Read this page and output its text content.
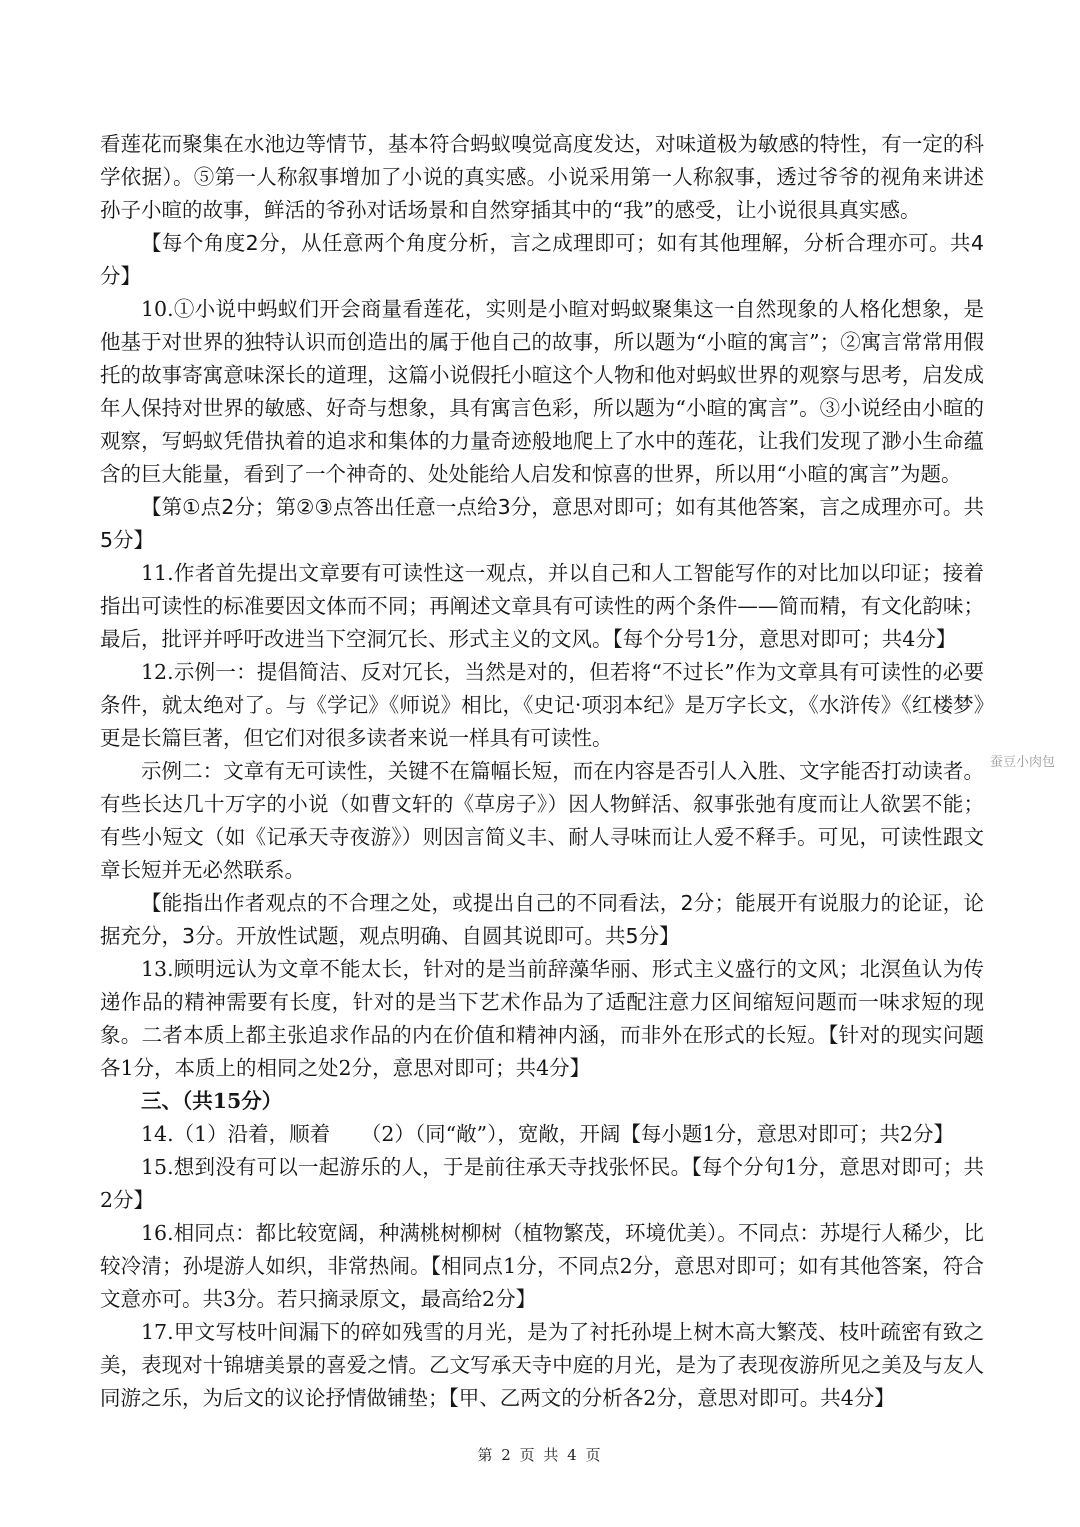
看莲花而聚集在水池边等情节，基本符合蚂蚁嗅觉高度发达，对味道极为敏感的特性，有一定的科学依据）。⑤第一人称叙事增加了小说的真实感。小说采用第一人称叙事，透过爷爷的视角来讲述孙子小暄的故事，鲜活的爷孙对话场景和自然穿插其中的“我”的感受，让小说很具真实感。

【每个角度2分，从任意两个角度分析，言之成理即可；如有其他理解，分析合理亦可。共4分】

10.①小说中蚂蚁们开会商量看莲花，实则是小暄对蚂蚁聚集这一自然现象的人格化想象，是他基于对世界的独特认识而创造出的属于他自己的故事，所以题为“小暄的寓言”；②寓言常常用假托的故事寄寓意味深长的道理，这篇小说假托小暄这个人物和他对蚂蚁世界的观察与思考，启发成年人保持对世界的敏感、好奇与想象，具有寓言色彩，所以题为“小暄的寓言”。③小说经由小暄的观察，写蚂蚁凭借执着的追求和集体的力量奇迹般地爬上了水中的莲花，让我们发现了渺小生命蕴含的巨大能量，看到了一个神奇的、处处能给人启发和惊喜的世界，所以用“小暄的寓言”为题。

【第①点2分；第②③点答出任意一点给3分，意思对即可；如有其他答案，言之成理亦可。共5分】

11.作者首先提出文章要有可读性这一观点，并以自己和人工智能写作的对比加以印证；接着指出可读性的标准要因文体而不同；再阐述文章具有可读性的两个条件——简而精，有文化韵味；最后，批评并呼吁改进当下空洞冗长、形式主义的文风。【每个分号1分，意思对即可；共4分】

12.示例一：提倡简洁、反对冗长，当然是对的，但若将“不过长”作为文章具有可读性的必要条件，就太绝对了。与《学记》《师说》相比，《史记·项羽本纪》是万字长文，《水浒传》《红楼梦》更是长篇巨著，但它们对很多读者来说一样具有可读性。

示例二：文章有无可读性，关键不在篇幅长短，而在内容是否引人入胜、文字能否打动读者。有些长达几十万字的小说（如曹文轩的《草房子》）因人物鲜活、叙事张弛有度而让人欲罢不能；有些小短文（如《记承天寺夜游》）则因言简义丰、耐人寻味而让人爱不释手。可见，可读性跟文章长短并无必然联系。

【能指出作者观点的不合理之处，或提出自己的不同看法，2分；能展开有说服力的论证，论据充分，3分。开放性试题，观点明确、自圆其说即可。共5分】

13.顾明远认为文章不能太长，针对的是当前辞藻华丽、形式主义盛行的文风；北溟鱼认为传递作品的精神需要有长度，针对的是当下艺术作品为了适配注意力区间缩短问题而一味求短的现象。二者本质上都主张追求作品的内在价值和精神内涵，而非外在形式的长短。【针对的现实问题各1分，本质上的相同之处2分，意思对即可；共4分】

三、（共15分）

14.（1）沿着，顺着　　（2）（同“敞”），宽敞，开阔【每小题1分，意思对即可；共2分】

15.想到没有可以一起游乐的人，于是前往承天寺找张怀民。【每个分句1分，意思对即可；共2分】

16.相同点：都比较宽阔，种满桃树柳树（植物繁茂，环境优美）。不同点：苏堤行人稀少，比较冷清；孙堤游人如织，非常热闹。【相同点1分，不同点2分，意思对即可；如有其他答案，符合文意亦可。共3分。若只摘录原文，最高给2分】

17.甲文写枝叶间漏下的碎如残雪的月光，是为了衬托孙堤上树木高大繁茂、枝叶疏密有致之美，表现对十锦塘美景的喜爱之情。乙文写承天寺中庭的月光，是为了表现夜游所见之美及与友人同游之乐，为后文的议论抒情做铺垫；【甲、乙两文的分析各2分，意思对即可。共4分】

蚕豆小肉包
第 2 页 共 4 页
